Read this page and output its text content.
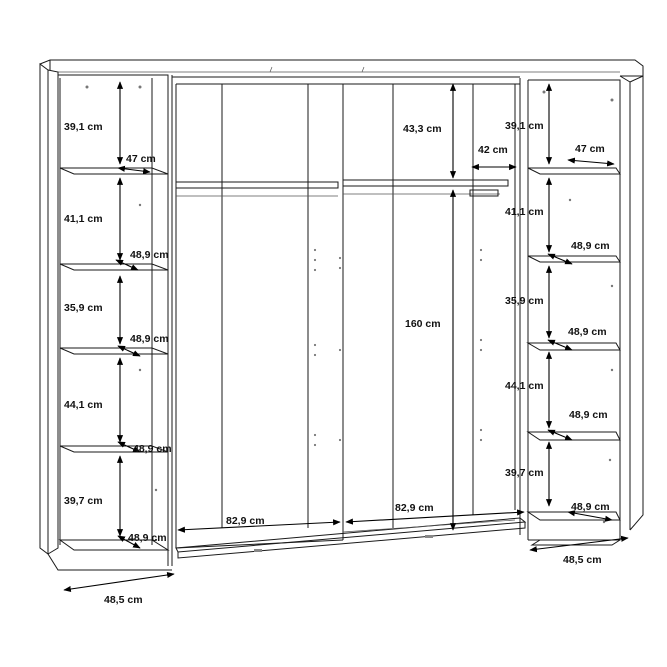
39,1 cm
47 cm
41,1 cm
48,9 cm
35,9 cm
48,9 cm
44,1 cm
48,9 cm
39,7 cm
48,9 cm
48,5 cm
43,3 cm
42 cm
160 cm
82,9 cm
82,9 cm
39,1 cm
47 cm
41,1 cm
48,9 cm
35,9 cm
48,9 cm
44,1 cm
48,9 cm
39,7 cm
48,9 cm
48,5 cm
